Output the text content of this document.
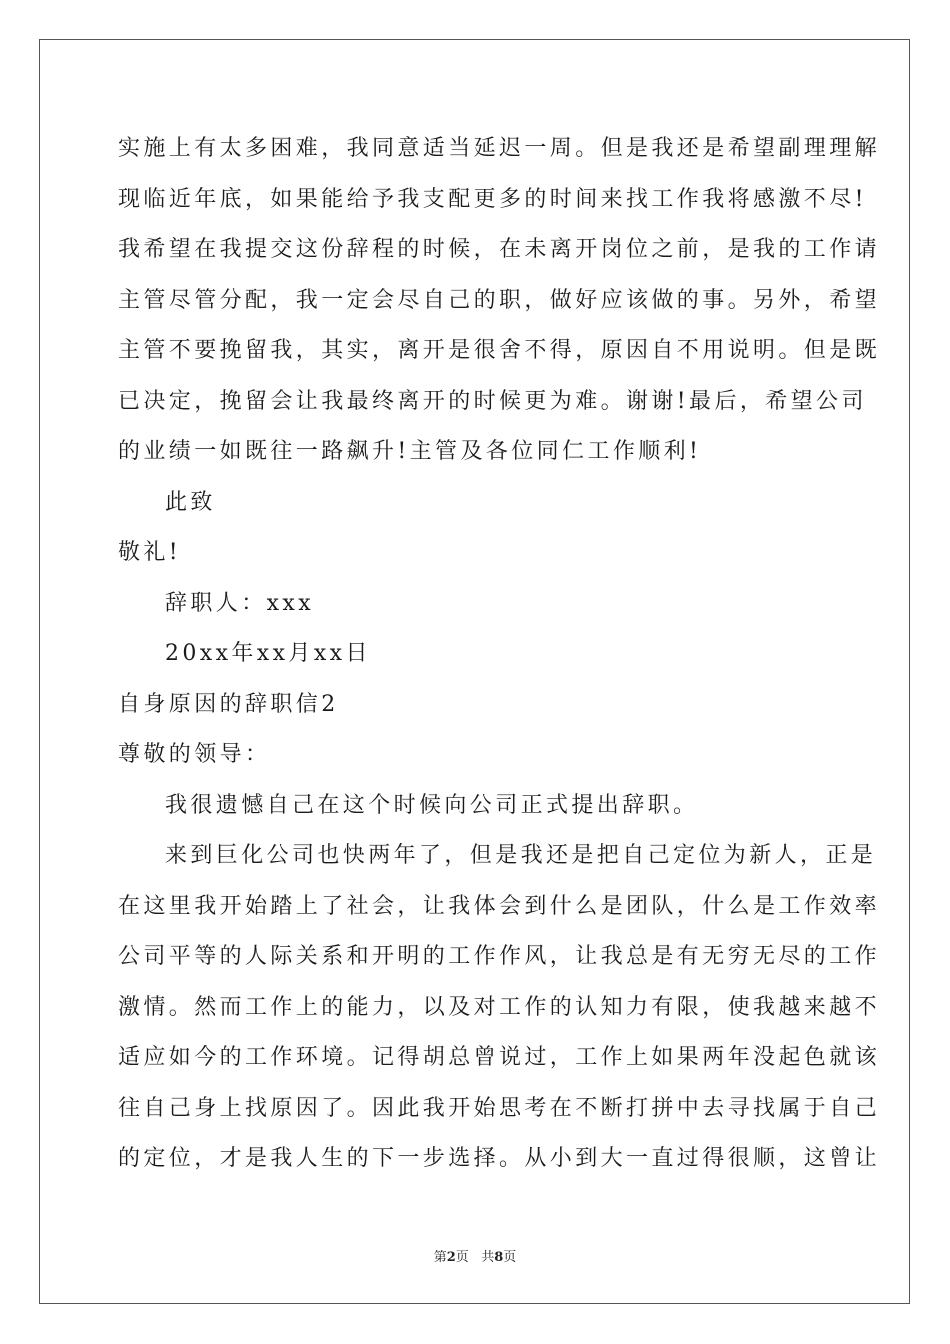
实施上有太多困难，我同意适当延迟一周。但是我还是希望副理理解

现临近年底，如果能给予我支配更多的时间来找工作我将感激不尽!

我希望在我提交这份辞程的时候，在未离开岗位之前，是我的工作请

主管尽管分配，我一定会尽自己的职，做好应该做的事。另外，希望

主管不要挽留我，其实，离开是很舍不得，原因自不用说明。但是既

已决定，挽留会让我最终离开的时候更为难。谢谢!最后，希望公司

的业绩一如既往一路飙升!主管及各位同仁工作顺利!

此致

敬礼!

辞职人：xxx

20xx年xx月xx日

自身原因的辞职信2

尊敬的领导：

我很遗憾自己在这个时候向公司正式提出辞职。

来到巨化公司也快两年了，但是我还是把自己定位为新人，正是

在这里我开始踏上了社会，让我体会到什么是团队，什么是工作效率

公司平等的人际关系和开明的工作作风，让我总是有无穷无尽的工作

激情。然而工作上的能力，以及对工作的认知力有限，使我越来越不

适应如今的工作环境。记得胡总曾说过，工作上如果两年没起色就该

往自己身上找原因了。因此我开始思考在不断打拼中去寻找属于自己

的定位，才是我人生的下一步选择。从小到大一直过得很顺，这曾让

第2页 共8页
